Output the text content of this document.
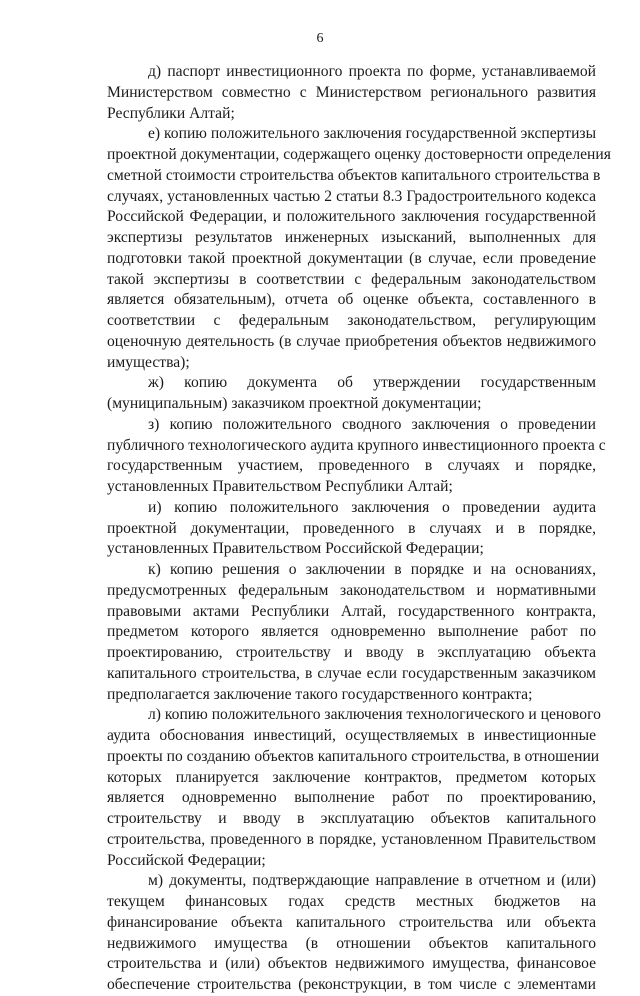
6
д) паспорт инвестиционного проекта по форме, устанавливаемой
Министерством совместно с Министерством регионального развития
Республики Алтай;
е) копию положительного заключения государственной экспертизы
проектной документации, содержащего оценку достоверности определения
сметной стоимости строительства объектов капитального строительства в
случаях, установленных частью 2 статьи 8.3 Градостроительного кодекса
Российской Федерации, и положительного заключения государственной
экспертизы результатов инженерных изысканий, выполненных для
подготовки такой проектной документации (в случае, если проведение
такой экспертизы в соответствии с федеральным законодательством
является обязательным), отчета об оценке объекта, составленного в
соответствии с федеральным законодательством, регулирующим
оценочную деятельность (в случае приобретения объектов недвижимого
имущества);
ж) копию документа об утверждении государственным
(муниципальным) заказчиком проектной документации;
з) копию положительного сводного заключения о проведении
публичного технологического аудита крупного инвестиционного проекта с
государственным участием, проведенного в случаях и порядке,
установленных Правительством Республики Алтай;
и) копию положительного заключения о проведении аудита
проектной документации, проведенного в случаях и в порядке,
установленных Правительством Российской Федерации;
к) копию решения о заключении в порядке и на основаниях,
предусмотренных федеральным законодательством и нормативными
правовыми актами Республики Алтай, государственного контракта,
предметом которого является одновременно выполнение работ по
проектированию, строительству и вводу в эксплуатацию объекта
капитального строительства, в случае если государственным заказчиком
предполагается заключение такого государственного контракта;
л) копию положительного заключения технологического и ценового
аудита обоснования инвестиций, осуществляемых в инвестиционные
проекты по созданию объектов капитального строительства, в отношении
которых планируется заключение контрактов, предметом которых
является одновременно выполнение работ по проектированию,
строительству и вводу в эксплуатацию объектов капитального
строительства, проведенного в порядке, установленном Правительством
Российской Федерации;
м) документы, подтверждающие направление в отчетном и (или)
текущем финансовых годах средств местных бюджетов на
финансирование объекта капитального строительства или объекта
недвижимого имущества (в отношении объектов капитального
строительства и (или) объектов недвижимого имущества, финансовое
обеспечение строительства (реконструкции, в том числе с элементами
